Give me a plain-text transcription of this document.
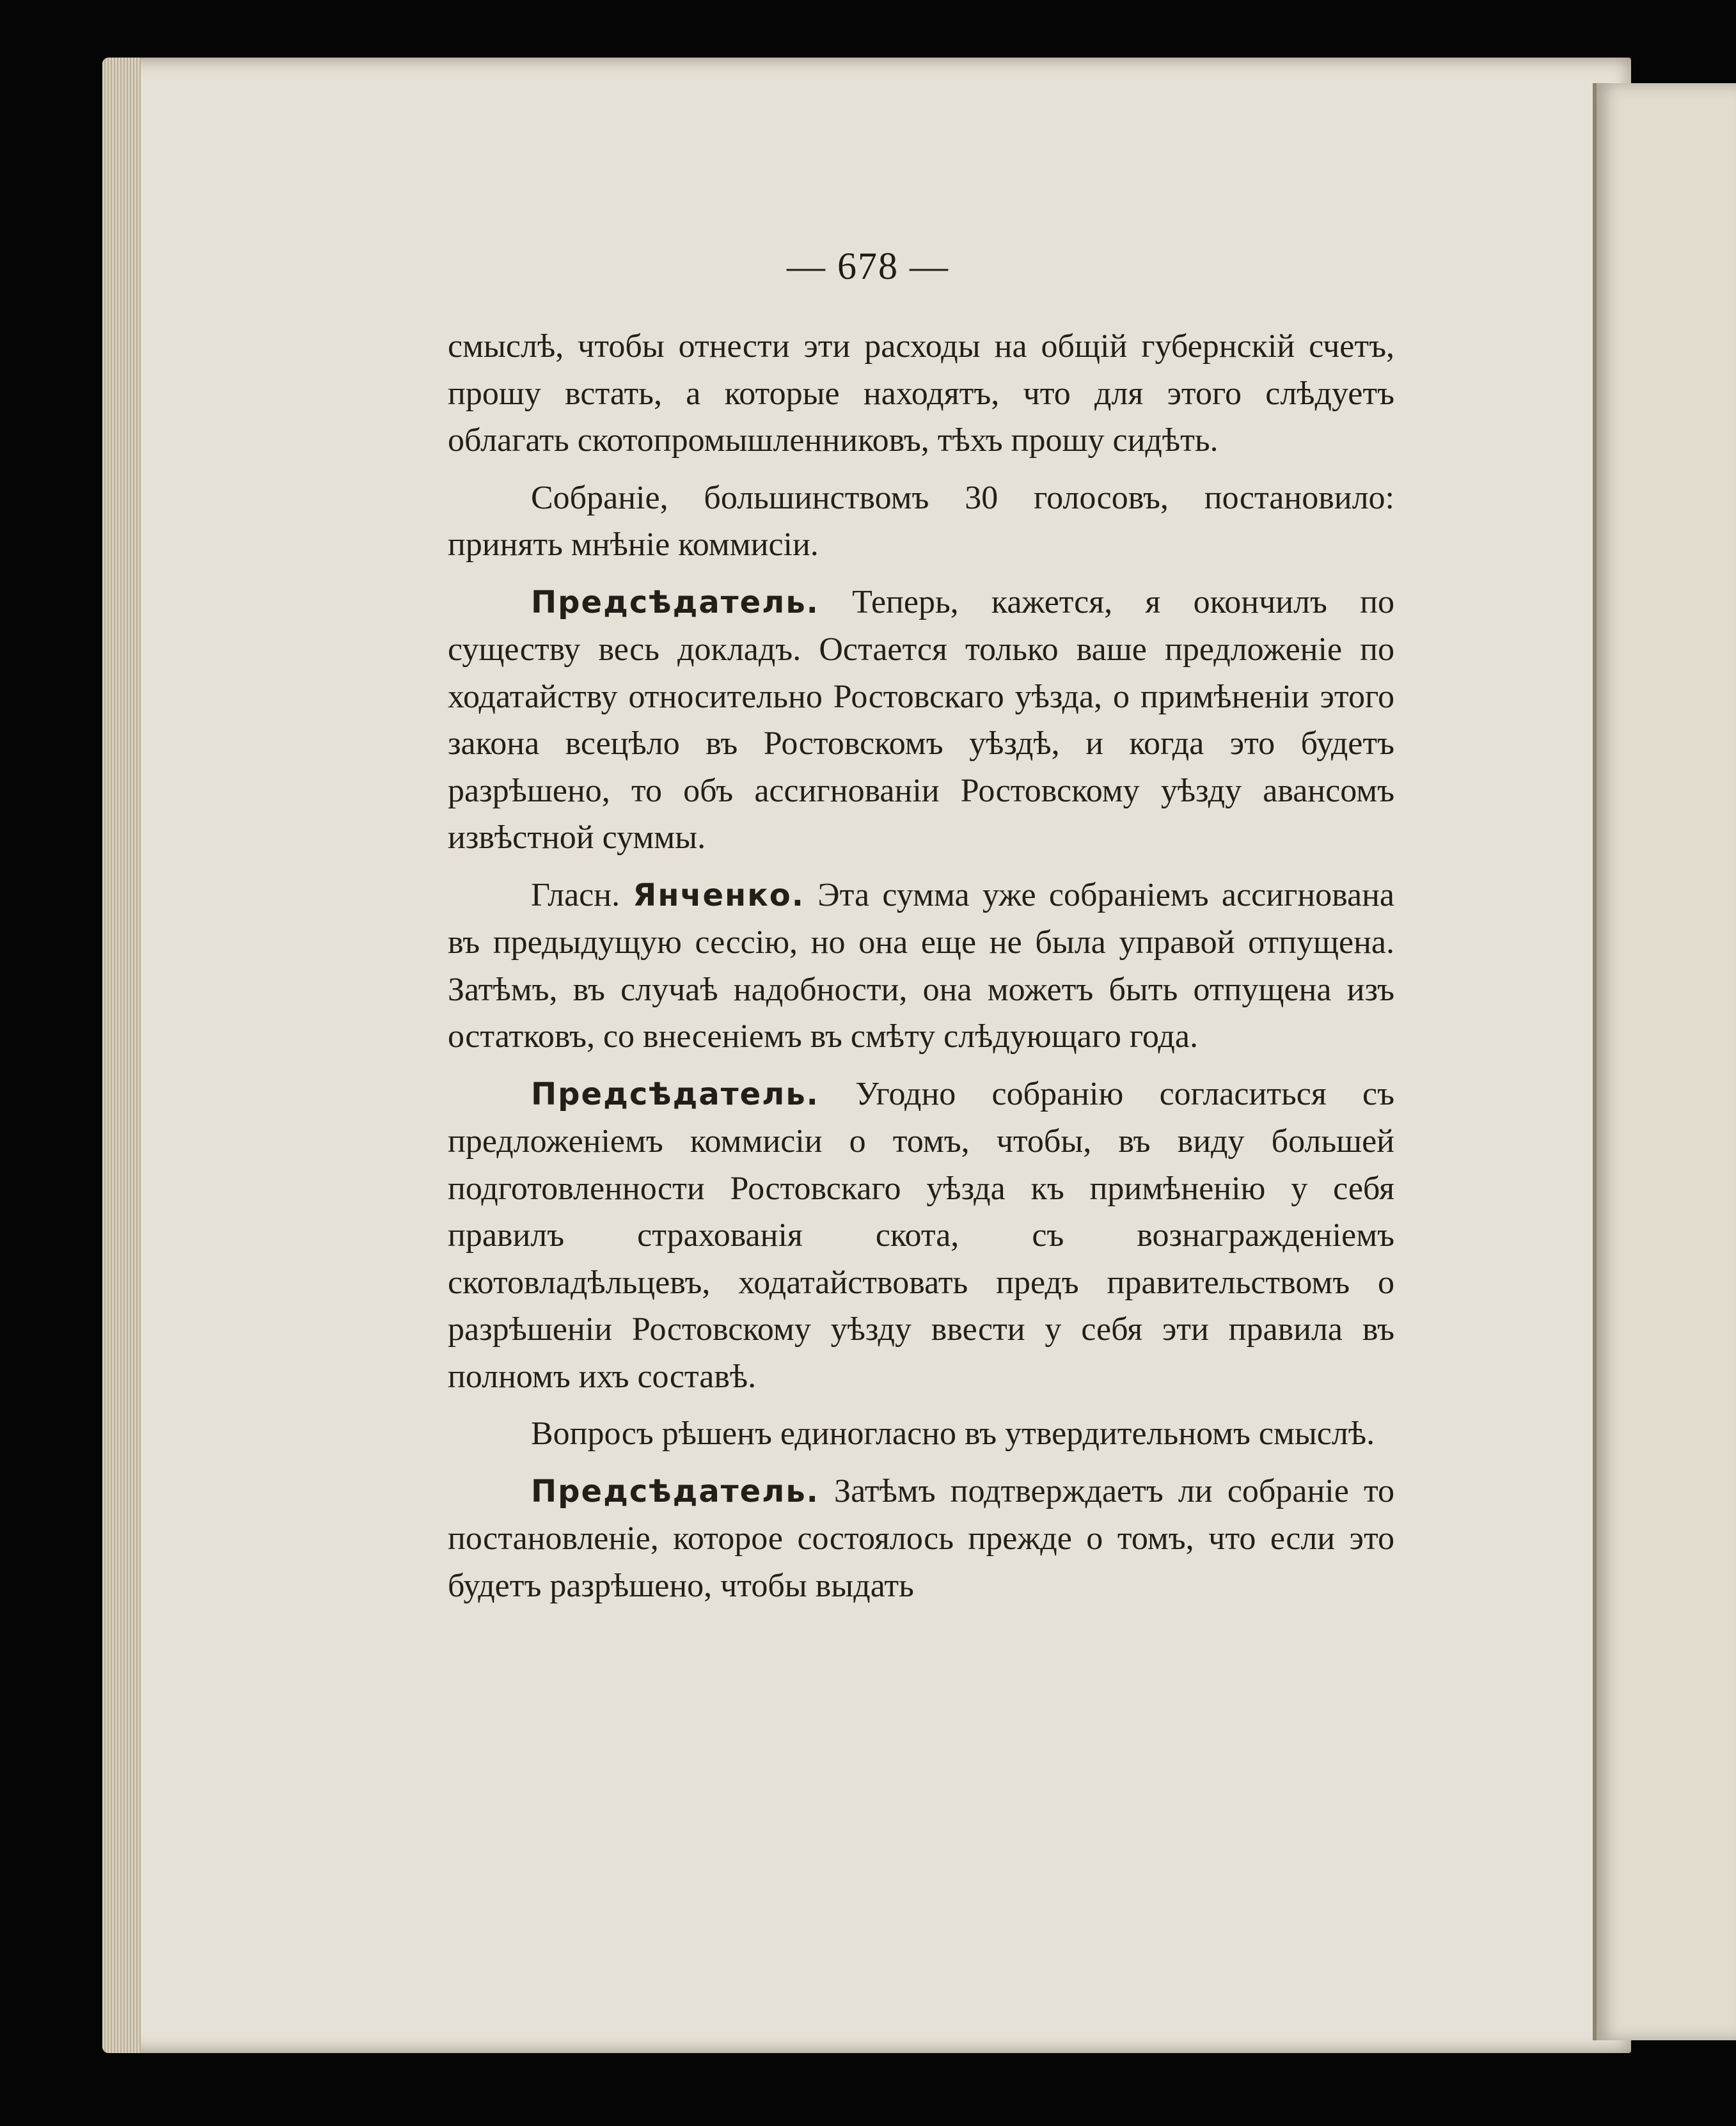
— 678 —

смыслѣ, чтобы отнести эти расходы на общій губернскій счетъ, прошу встать, а которые находятъ, что для этого слѣдуетъ облагать скотопромышленниковъ, тѣхъ прошу сидѣть.

Собраніе, большинствомъ 30 голосовъ, постановило: принять мнѣніе коммисіи.

Предсѣдатель. Теперь, кажется, я окончилъ по существу весь докладъ. Остается только ваше предложеніе по ходатайству относительно Ростовскаго уѣзда, о примѣненіи этого закона всецѣло въ Ростовскомъ уѣздѣ, и когда это будетъ разрѣшено, то объ ассигнованіи Ростовскому уѣзду авансомъ извѣстной суммы.

Гласн. Янченко. Эта сумма уже собраніемъ ассигнована въ предыдущую сессію, но она еще не была управой отпущена. Затѣмъ, въ случаѣ надобности, она можетъ быть отпущена изъ остатковъ, со внесеніемъ въ смѣту слѣдующаго года.

Предсѣдатель. Угодно собранію согласиться съ предложеніемъ коммисіи о томъ, чтобы, въ виду большей подготовленности Ростовскаго уѣзда къ примѣненію у себя правилъ страхованія скота, съ вознагражденіемъ скотовладѣльцевъ, ходатайствовать предъ правительствомъ о разрѣшеніи Ростовскому уѣзду ввести у себя эти правила въ полномъ ихъ составѣ.

Вопросъ рѣшенъ единогласно въ утвердительномъ смыслѣ.

Предсѣдатель. Затѣмъ подтверждаетъ ли собраніе то постановленіе, которое состоялось прежде о томъ, что если это будетъ разрѣшено, чтобы выдать
